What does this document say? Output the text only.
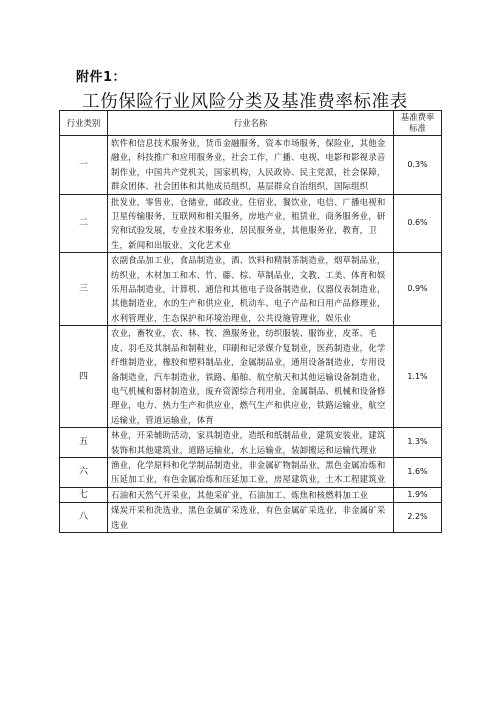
附件1：
工伤保险行业风险分类及基准费率标准表
行业类别	行业名称	基准费率标准
一	软件和信息技术服务业，货币金融服务，资本市场服务，保险业，其他金融业，科技推广和应用服务业，社会工作，广播、电视、电影和影视录音制作业，中国共产党机关，国家机构，人民政协、民主党派，社会保障，群众团体、社会团体和其他成员组织，基层群众自治组织，国际组织	0.3%
二	批发业，零售业，仓储业，邮政业，住宿业，餐饮业，电信、广播电视和卫星传输服务，互联网和相关服务，房地产业，租赁业，商务服务业，研究和试验发展，专业技术服务业，居民服务业，其他服务业，教育，卫生，新闻和出版业，文化艺术业	0.6%
三	农副食品加工业，食品制造业，酒、饮料和精制茶制造业，烟草制品业，纺织业，木材加工和木、竹、藤、棕、草制品业，文教、工美、体育和娱乐用品制造业，计算机、通信和其他电子设备制造业，仪器仪表制造业，其他制造业，水的生产和供应业，机动车、电子产品和日用产品修理业，水利管理业，生态保护和环境治理业，公共设施管理业，娱乐业	0.9%
四	农业，畜牧业，农、林、牧、渔服务业，纺织服装、服饰业，皮革、毛皮、羽毛及其制品和制鞋业，印刷和记录媒介复制业，医药制造业，化学纤维制造业，橡胶和塑料制品业，金属制品业，通用设备制造业，专用设备制造业，汽车制造业，铁路、船舶、航空航天和其他运输设备制造业，电气机械和器材制造业，废弃资源综合利用业，金属制品、机械和设备修理业，电力、热力生产和供应业，燃气生产和供应业，铁路运输业，航空运输业，管道运输业，体育	1.1%
五	林业，开采辅助活动，家具制造业，造纸和纸制品业，建筑安装业，建筑装饰和其他建筑业，道路运输业，水上运输业，装卸搬运和运输代理业	1.3%
六	渔业，化学原料和化学制品制造业，非金属矿物制品业，黑色金属冶炼和压延加工业，有色金属冶炼和压延加工业，房屋建筑业，土木工程建筑业	1.6%
七	石油和天然气开采业，其他采矿业，石油加工、炼焦和核燃料加工业	1.9%
八	煤炭开采和洗选业，黑色金属矿采选业，有色金属矿采选业，非金属矿采选业	2.2%
